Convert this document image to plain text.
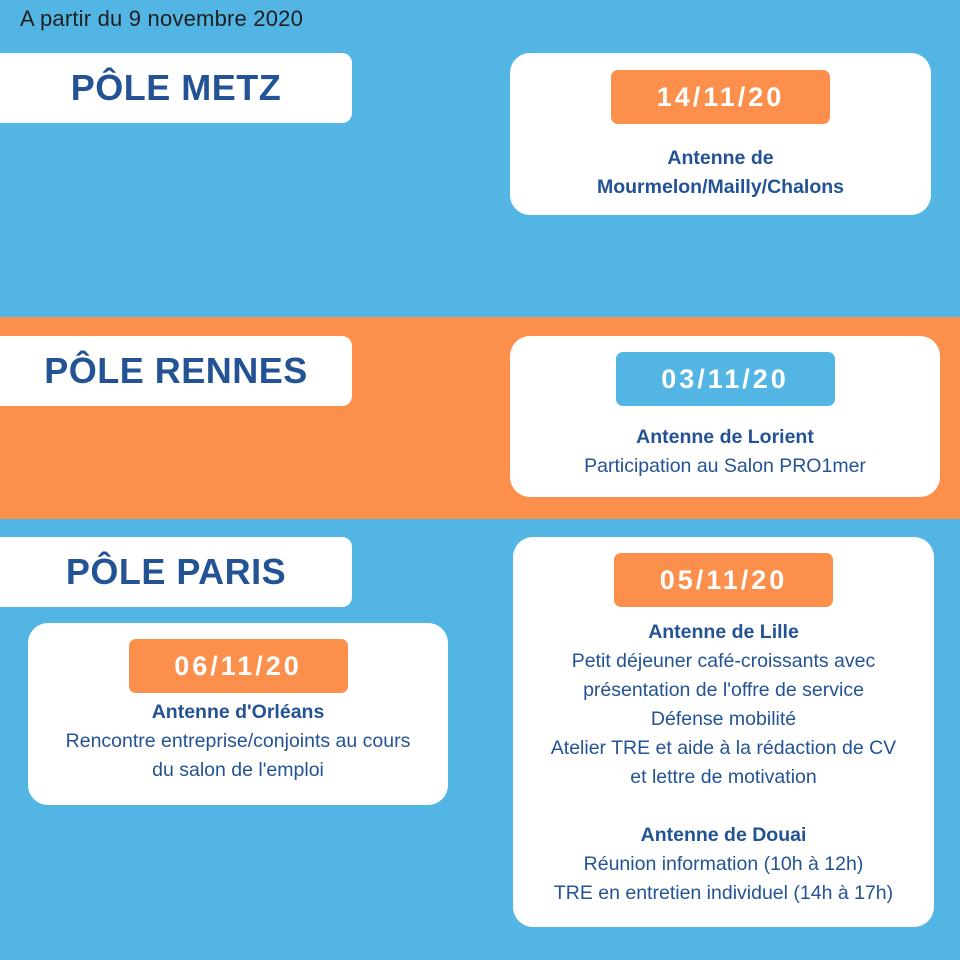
A partir du 9 novembre 2020
PÔLE METZ	14/11/20
Antenne de
Mourmelon/Mailly/Chalons
PÔLE RENNES	03/11/20
Antenne de Lorient
Participation au Salon PRO1mer
PÔLE PARIS
06/11/20
Antenne d'Orléans
Rencontre entreprise/conjoints au cours
du salon de l'emploi
05/11/20
Antenne de Lille
Petit déjeuner café-croissants avec
présentation de l'offre de service
Défense mobilité
Atelier TRE et aide à la rédaction de CV
et lettre de motivation
Antenne de Douai
Réunion information (10h à 12h)
TRE en entretien individuel (14h à 17h)
